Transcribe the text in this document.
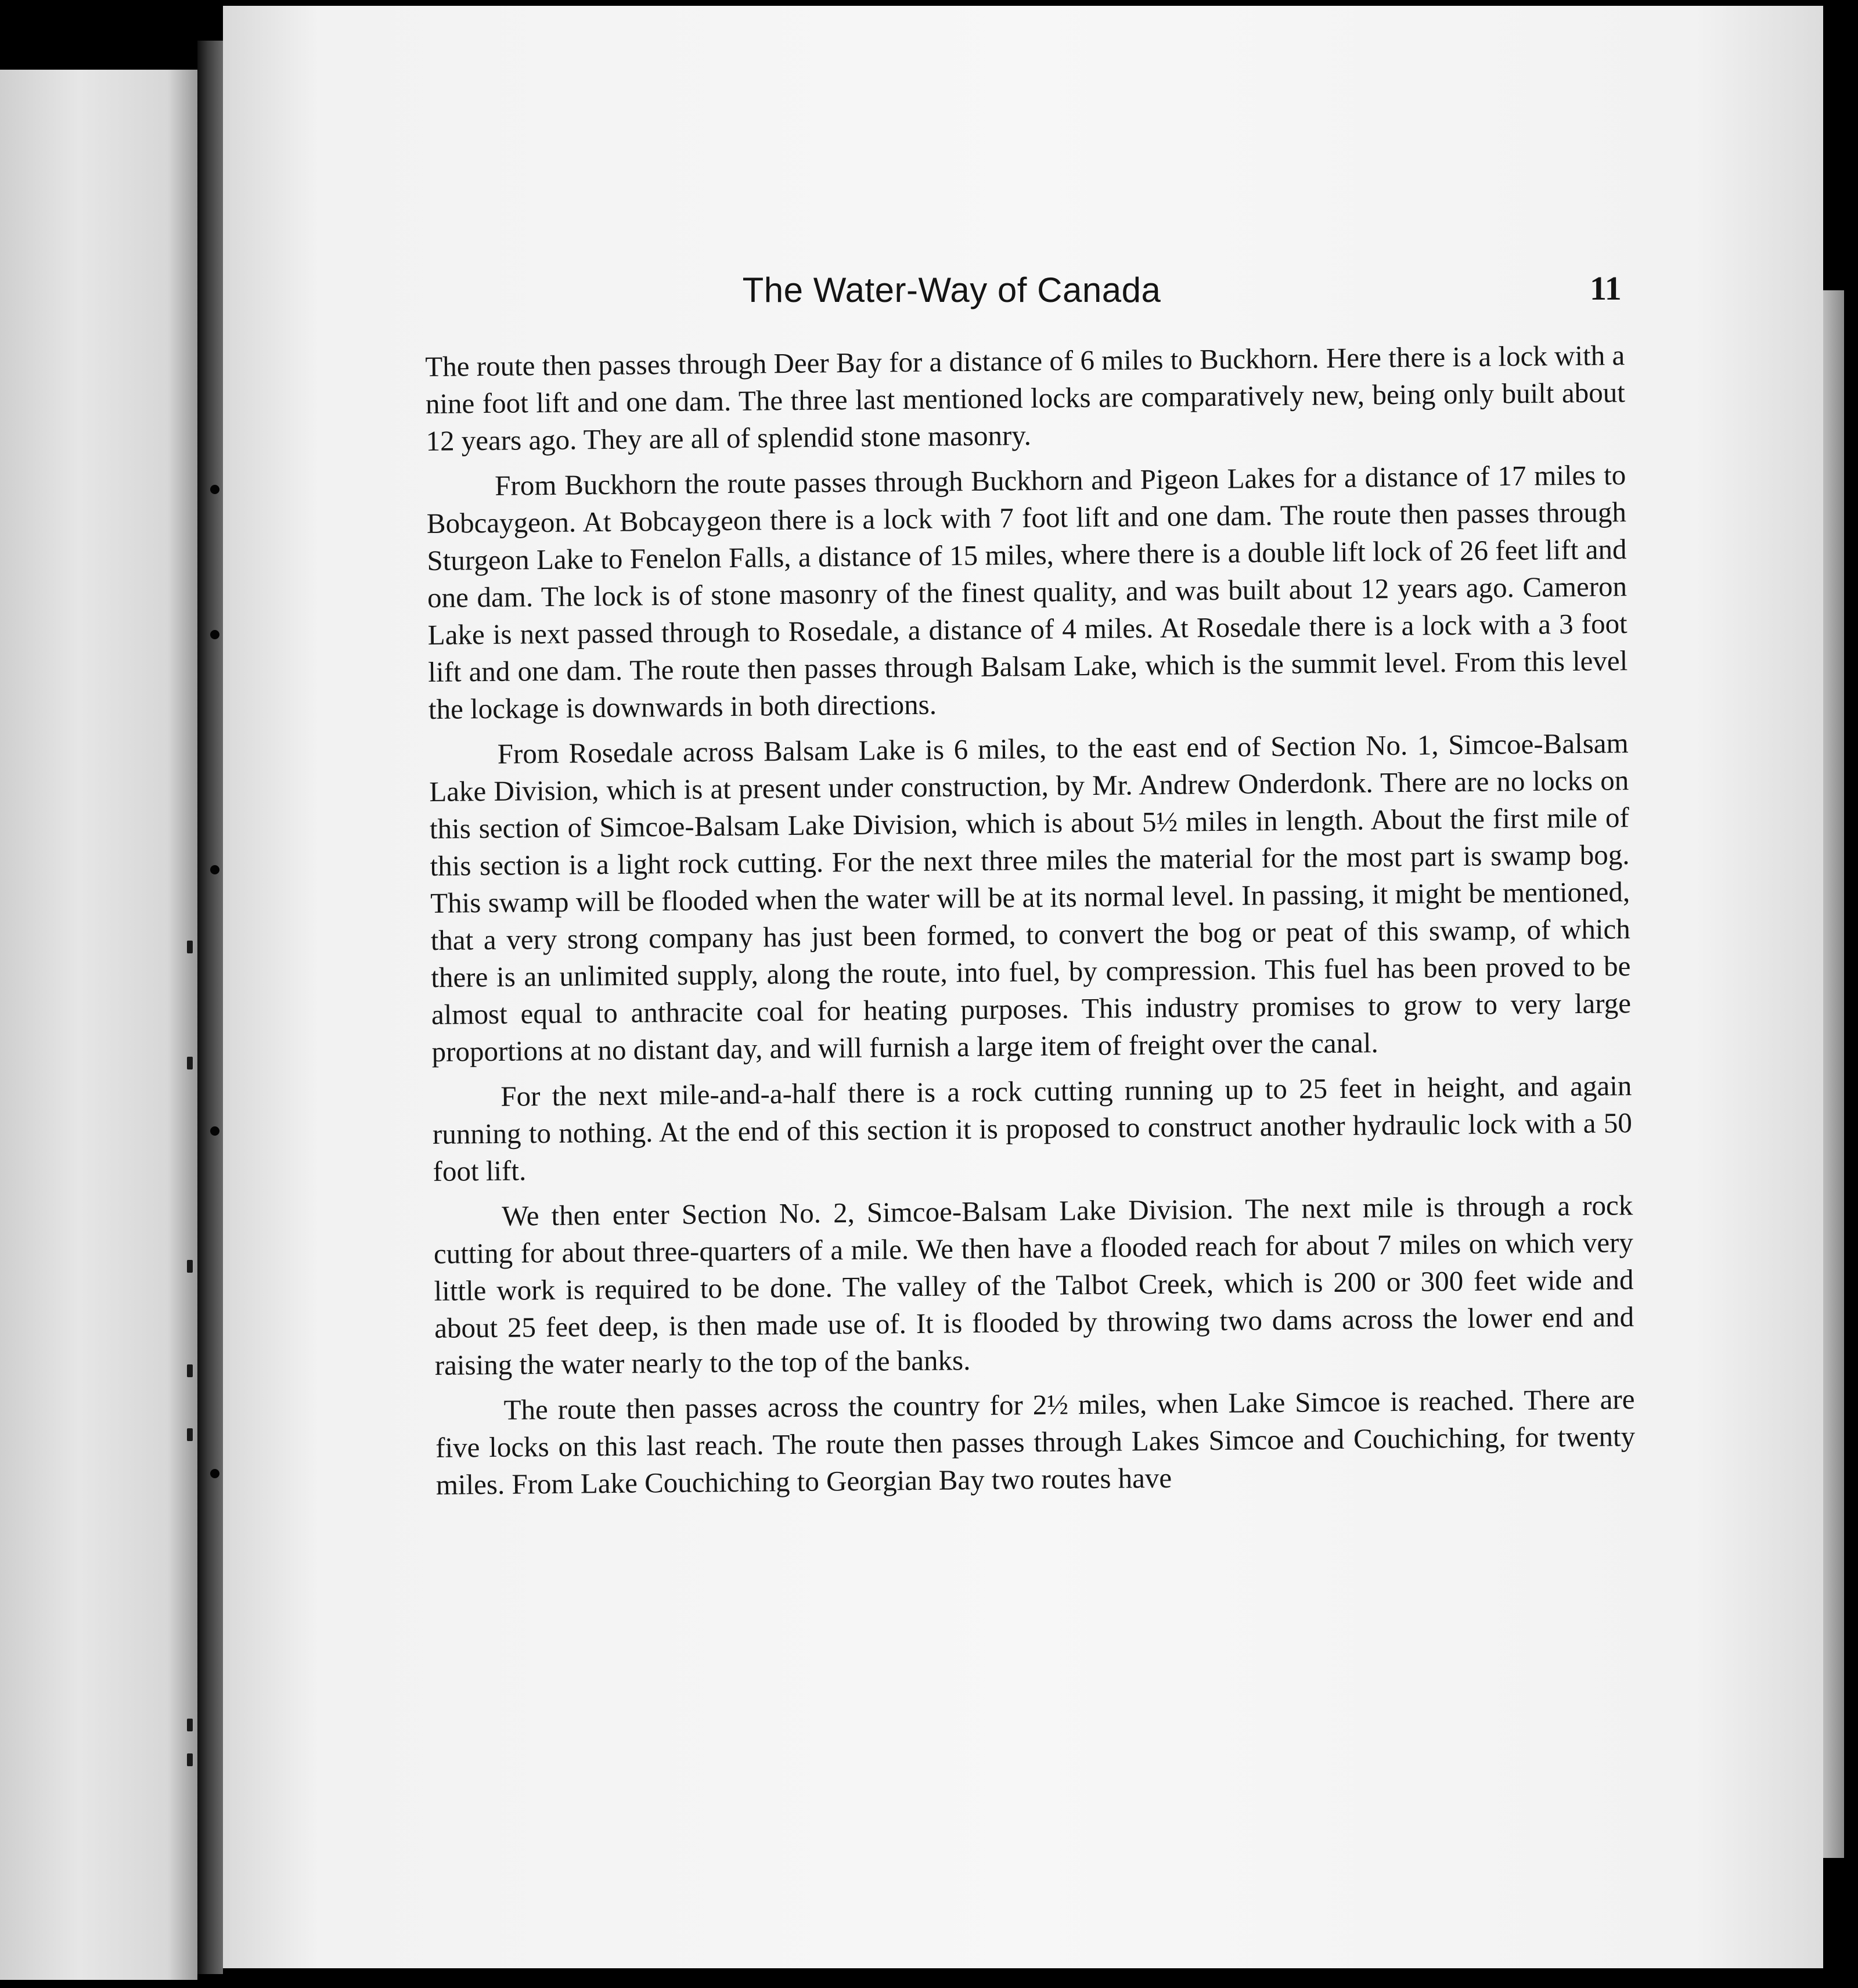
The Water-Way of Canada	11

The route then passes through Deer Bay for a distance of 6 miles to Buckhorn. Here there is a lock with a nine foot lift and one dam. The three last mentioned locks are comparatively new, being only built about 12 years ago. They are all of splendid stone masonry.

From Buckhorn the route passes through Buckhorn and Pigeon Lakes for a distance of 17 miles to Bobcaygeon. At Bobcaygeon there is a lock with 7 foot lift and one dam. The route then passes through Sturgeon Lake to Fenelon Falls, a distance of 15 miles, where there is a double lift lock of 26 feet lift and one dam. The lock is of stone masonry of the finest quality, and was built about 12 years ago. Cameron Lake is next passed through to Rosedale, a distance of 4 miles. At Rosedale there is a lock with a 3 foot lift and one dam. The route then passes through Balsam Lake, which is the summit level. From this level the lockage is downwards in both directions.

From Rosedale across Balsam Lake is 6 miles, to the east end of Section No. 1, Simcoe-Balsam Lake Division, which is at present under construction, by Mr. Andrew Onderdonk. There are no locks on this section of Simcoe-Balsam Lake Division, which is about 5½ miles in length. About the first mile of this section is a light rock cutting. For the next three miles the material for the most part is swamp bog. This swamp will be flooded when the water will be at its normal level. In passing, it might be mentioned, that a very strong company has just been formed, to convert the bog or peat of this swamp, of which there is an unlimited supply, along the route, into fuel, by compression. This fuel has been proved to be almost equal to anthracite coal for heating purposes. This industry promises to grow to very large proportions at no distant day, and will furnish a large item of freight over the canal.

For the next mile-and-a-half there is a rock cutting running up to 25 feet in height, and again running to nothing. At the end of this section it is proposed to construct another hydraulic lock with a 50 foot lift.

We then enter Section No. 2, Simcoe-Balsam Lake Division. The next mile is through a rock cutting for about three-quarters of a mile. We then have a flooded reach for about 7 miles on which very little work is required to be done. The valley of the Talbot Creek, which is 200 or 300 feet wide and about 25 feet deep, is then made use of. It is flooded by throwing two dams across the lower end and raising the water nearly to the top of the banks.

The route then passes across the country for 2½ miles, when Lake Simcoe is reached. There are five locks on this last reach. The route then passes through Lakes Simcoe and Couchiching, for twenty miles. From Lake Couchiching to Georgian Bay two routes have
